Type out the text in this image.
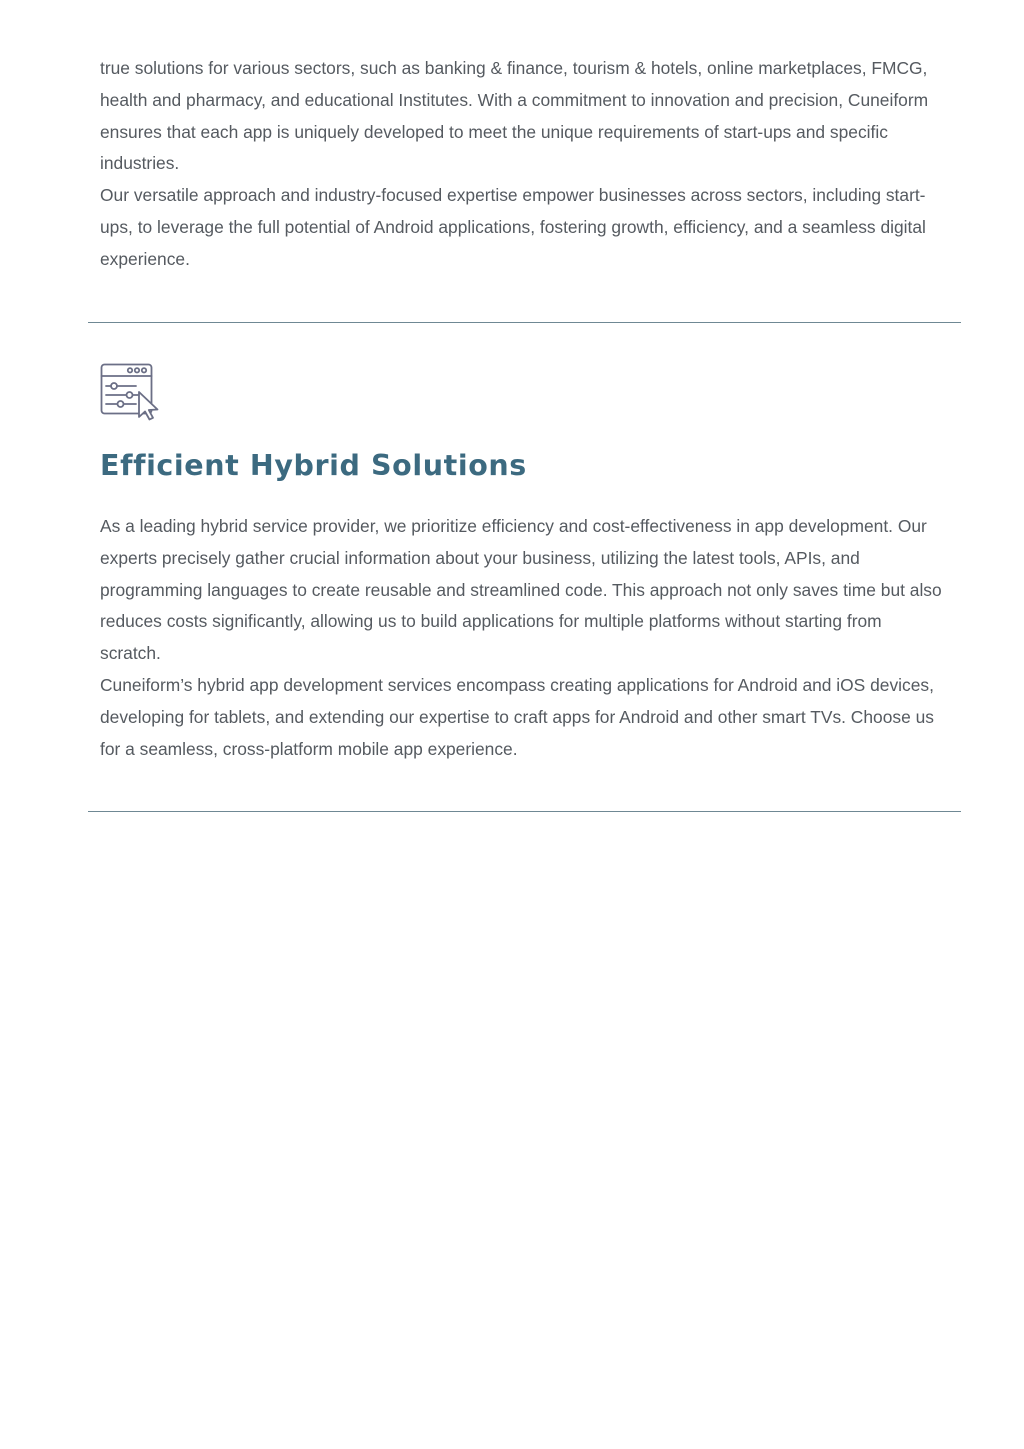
true solutions for various sectors, such as banking & finance, tourism & hotels, online marketplaces, FMCG, health and pharmacy, and educational Institutes. With a commitment to innovation and precision, Cuneiform ensures that each app is uniquely developed to meet the unique requirements of start-ups and specific industries.

Our versatile approach and industry-focused expertise empower businesses across sectors, including start-ups, to leverage the full potential of Android applications, fostering growth, efficiency, and a seamless digital experience.

Efficient Hybrid Solutions

As a leading hybrid service provider, we prioritize efficiency and cost-effectiveness in app development. Our experts precisely gather crucial information about your business, utilizing the latest tools, APIs, and programming languages to create reusable and streamlined code. This approach not only saves time but also reduces costs significantly, allowing us to build applications for multiple platforms without starting from scratch.

Cuneiform’s hybrid app development services encompass creating applications for Android and iOS devices, developing for tablets, and extending our expertise to craft apps for Android and other smart TVs. Choose us for a seamless, cross-platform mobile app experience.
